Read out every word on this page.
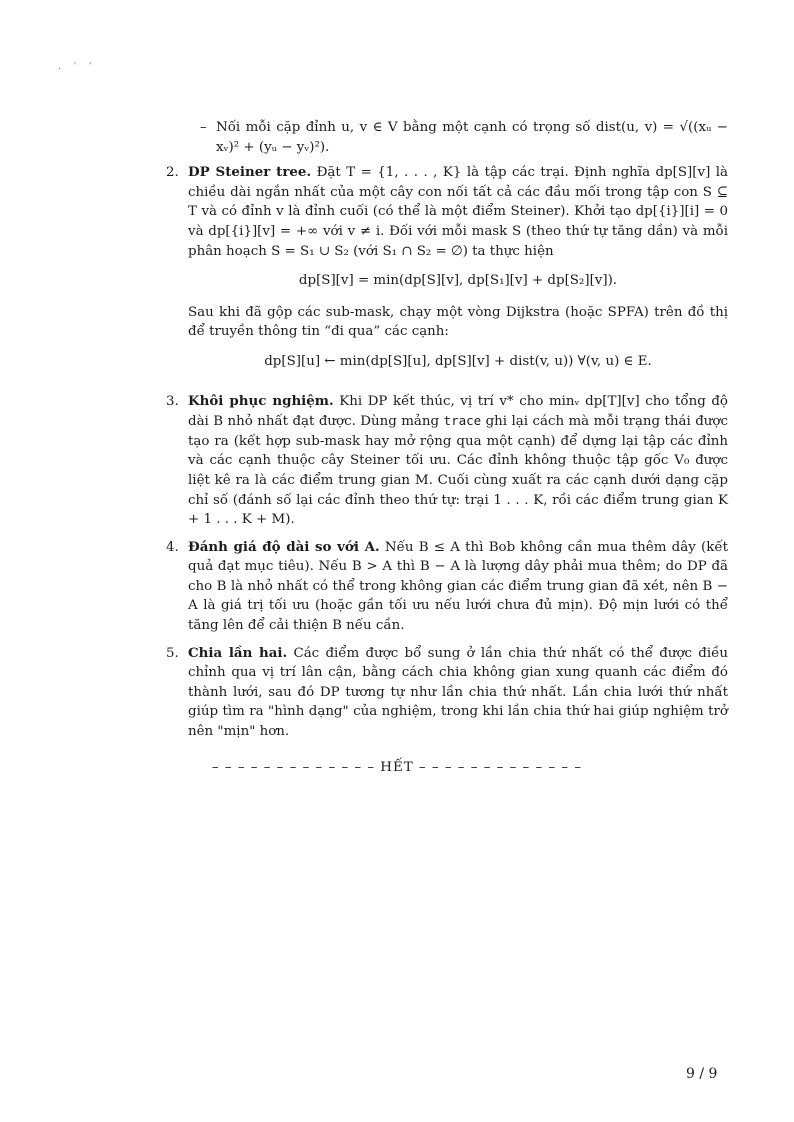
. ' '
– Nối mỗi cặp đỉnh u, v ∈ V bằng một cạnh có trọng số dist(u, v) = √((xᵤ − xᵥ)² + (yᵤ − yᵥ)²).
2. DP Steiner tree. Đặt T = {1, . . . , K} là tập các trại. Định nghĩa dp[S][v] là chiều dài ngắn nhất của một cây con nối tất cả các đầu mối trong tập con S ⊆ T và có đỉnh v là đỉnh cuối (có thể là một điểm Steiner). Khởi tạo dp[{i}][i] = 0 và dp[{i}][v] = +∞ với v ≠ i. Đối với mỗi mask S (theo thứ tự tăng dần) và mỗi phân hoạch S = S₁ ∪ S₂ (với S₁ ∩ S₂ = ∅) ta thực hiện

dp[S][v] = min(dp[S][v], dp[S₁][v] + dp[S₂][v]).

Sau khi đã gộp các sub-mask, chạy một vòng Dijkstra (hoặc SPFA) trên đồ thị để truyền thông tin “đi qua” các cạnh:

dp[S][u] ← min(dp[S][u], dp[S][v] + dist(v, u)) ∀(v, u) ∈ E.
3. Khôi phục nghiệm. Khi DP kết thúc, vị trí v* cho minᵥ dp[T][v] cho tổng độ dài B nhỏ nhất đạt được. Dùng mảng trace ghi lại cách mà mỗi trạng thái được tạo ra (kết hợp sub-mask hay mở rộng qua một cạnh) để dựng lại tập các đỉnh và các cạnh thuộc cây Steiner tối ưu. Các đỉnh không thuộc tập gốc V₀ được liệt kê ra là các điểm trung gian M. Cuối cùng xuất ra các cạnh dưới dạng cặp chỉ số (đánh số lại các đỉnh theo thứ tự: trại 1 . . . K, rồi các điểm trung gian K + 1 . . . K + M).

4. Đánh giá độ dài so với A. Nếu B ≤ A thì Bob không cần mua thêm dây (kết quả đạt mục tiêu). Nếu B > A thì B − A là lượng dây phải mua thêm; do DP đã cho B là nhỏ nhất có thể trong không gian các điểm trung gian đã xét, nên B − A là giá trị tối ưu (hoặc gần tối ưu nếu lưới chưa đủ mịn). Độ mịn lưới có thể tăng lên để cải thiện B nếu cần.

5. Chia lần hai. Các điểm được bổ sung ở lần chia thứ nhất có thể được điều chỉnh qua vị trí lân cận, bằng cách chia không gian xung quanh các điểm đó thành lưới, sau đó DP tương tự như lần chia thứ nhất. Lần chia lưới thứ nhất giúp tìm ra "hình dạng" của nghiệm, trong khi lần chia thứ hai giúp nghiệm trở nên "mịn" hơn.

– – – – – – – – – – – – – HẾT – – – – – – – – – – – – –
9 / 9
